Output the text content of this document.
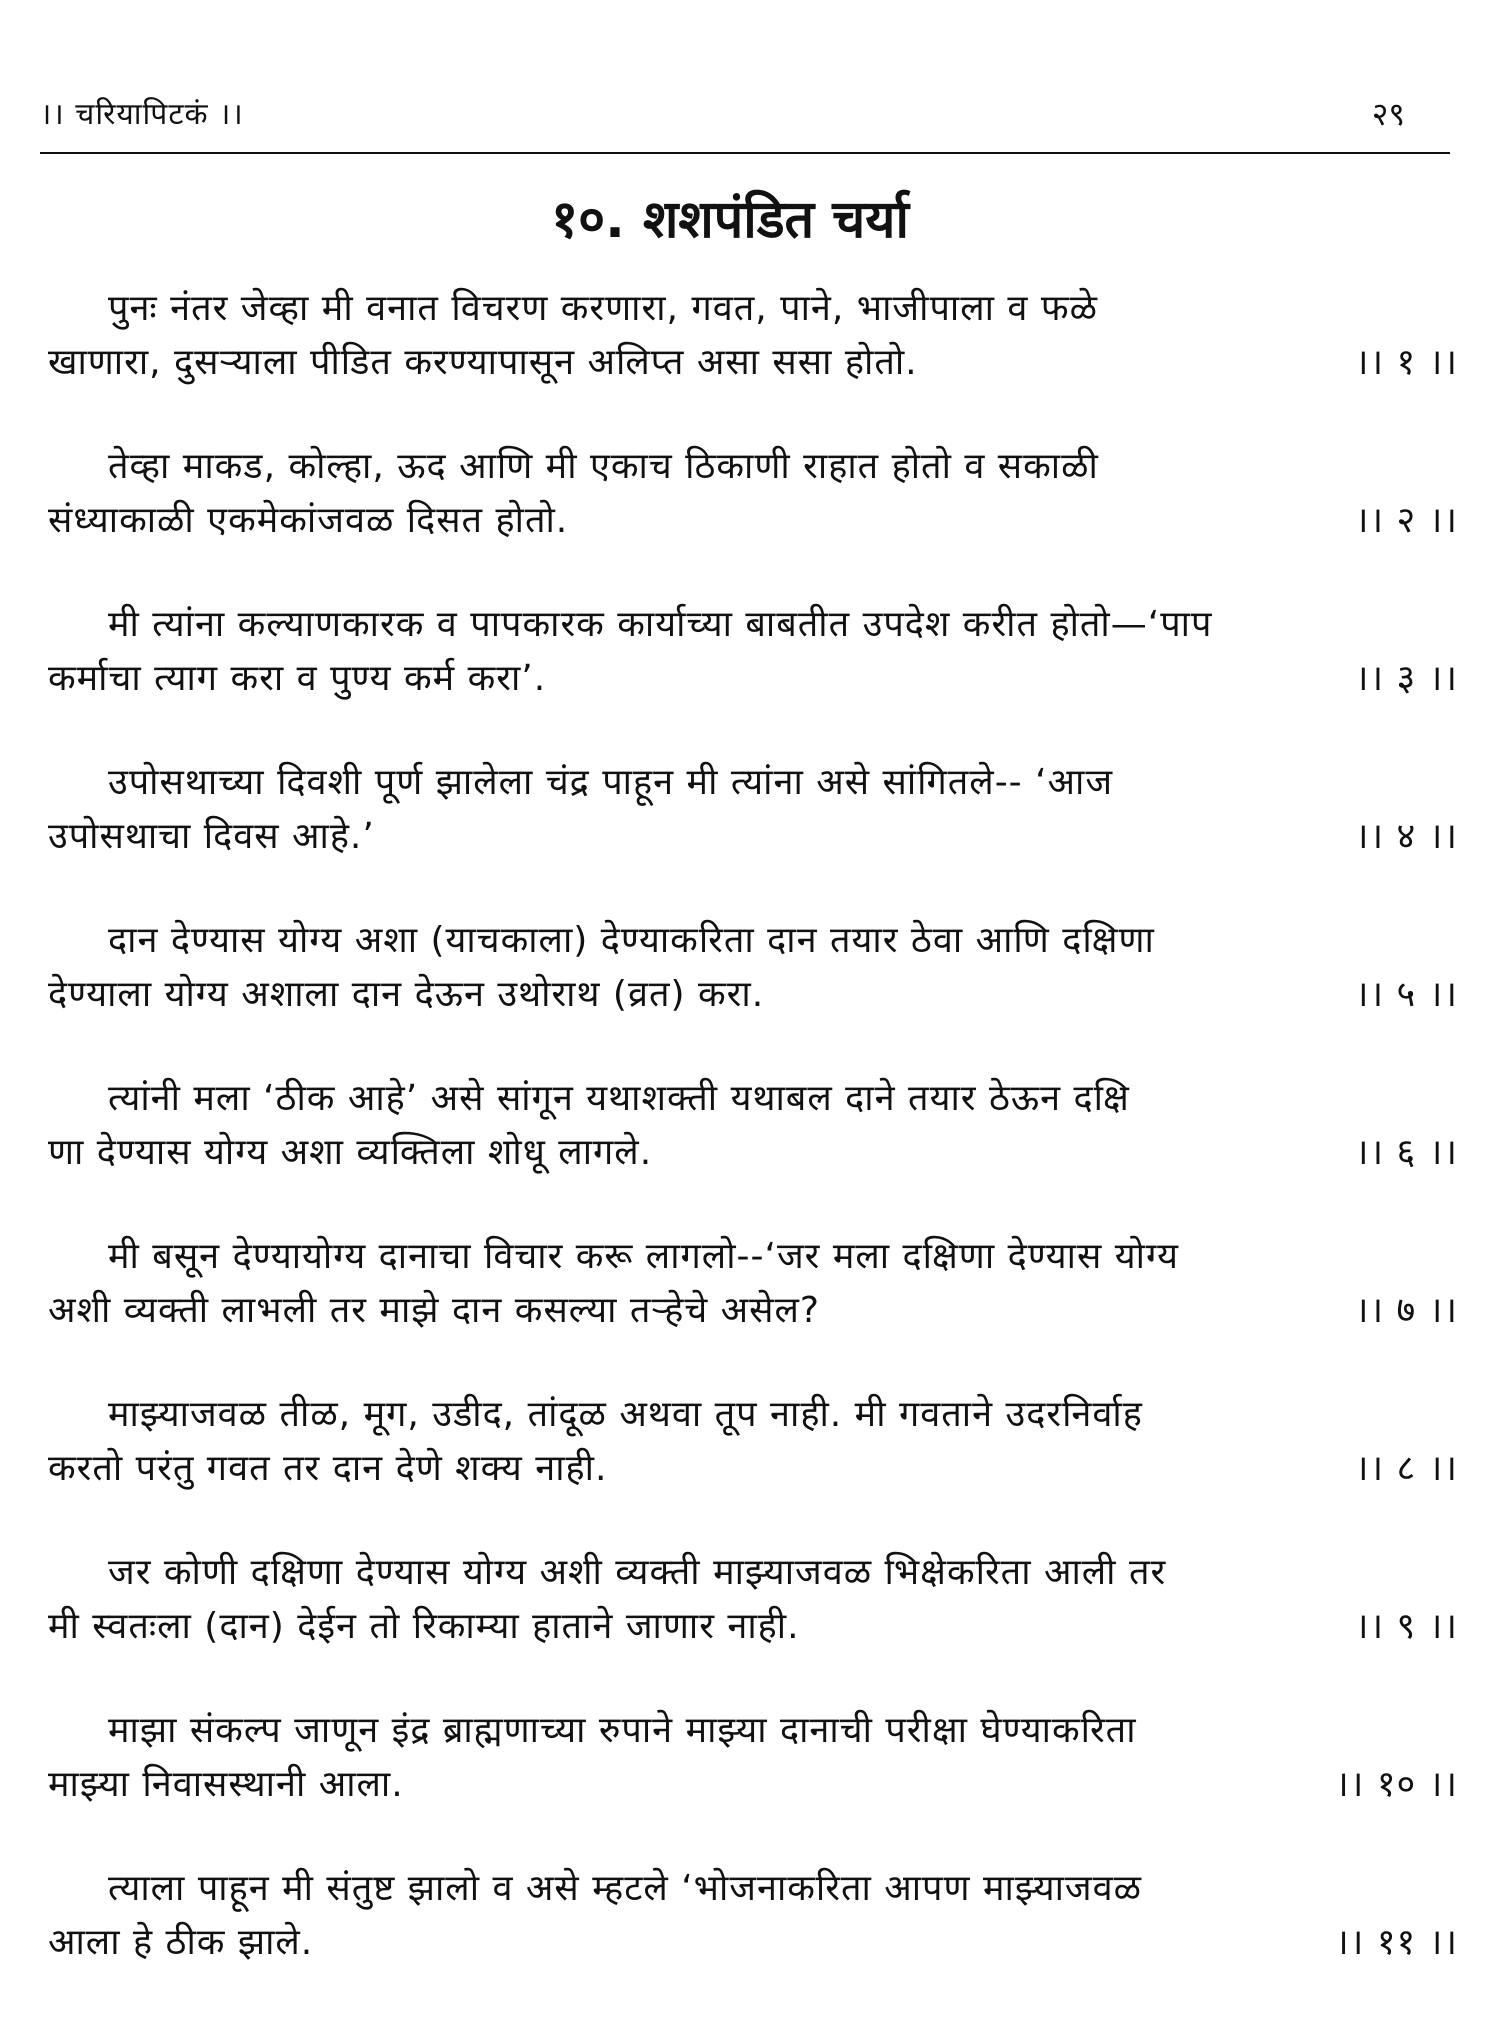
।। चरियापिटकं ।।	२९
१०. शशपंडित चर्या

पुनः नंतर जेव्हा मी वनात विचरण करणारा, गवत, पाने, भाजीपाला व फळे

खाणारा, दुसऱ्याला पीडित करण्यापासून अलिप्त असा ससा होतो.	।। १ ।।

तेव्हा माकड, कोल्हा, ऊद आणि मी एकाच ठिकाणी राहात होतो व सकाळी

संध्याकाळी एकमेकांजवळ दिसत होतो.	।। २ ।।

मी त्यांना कल्याणकारक व पापकारक कार्याच्या बाबतीत उपदेश करीत होतो—‘पाप

कर्माचा त्याग करा व पुण्य कर्म करा’.	।। ३ ।।

उपोसथाच्या दिवशी पूर्ण झालेला चंद्र पाहून मी त्यांना असे सांगितले-- ‘आज

उपोसथाचा दिवस आहे.’	।। ४ ।।

दान देण्यास योग्य अशा (याचकाला) देण्याकरिता दान तयार ठेवा आणि दक्षिणा

देण्याला योग्य अशाला दान देऊन उथोराथ (व्रत) करा.	।। ५ ।।

त्यांनी मला ‘ठीक आहे’ असे सांगून यथाशक्ती यथाबल दाने तयार ठेऊन दक्षि

णा देण्यास योग्य अशा व्यक्तिला शोधू लागले.	।। ६ ।।

मी बसून देण्यायोग्य दानाचा विचार करू लागलो--‘जर मला दक्षिणा देण्यास योग्य

अशी व्यक्ती लाभली तर माझे दान कसल्या तऱ्हेचे असेल?	।। ७ ।।

माझ्याजवळ तीळ, मूग, उडीद, तांदूळ अथवा तूप नाही. मी गवताने उदरनिर्वाह

करतो परंतु गवत तर दान देणे शक्य नाही.	।। ८ ।।

जर कोणी दक्षिणा देण्यास योग्य अशी व्यक्ती माझ्याजवळ भिक्षेकरिता आली तर

मी स्वतःला (दान) देईन तो रिकाम्या हाताने जाणार नाही.	।। ९ ।।

माझा संकल्प जाणून इंद्र ब्राह्मणाच्या रुपाने माझ्या दानाची परीक्षा घेण्याकरिता

माझ्या निवासस्थानी आला.	।। १० ।।

त्याला पाहून मी संतुष्ट झालो व असे म्हटले ‘भोजनाकरिता आपण माझ्याजवळ

आला हे ठीक झाले.	।। ११ ।।
